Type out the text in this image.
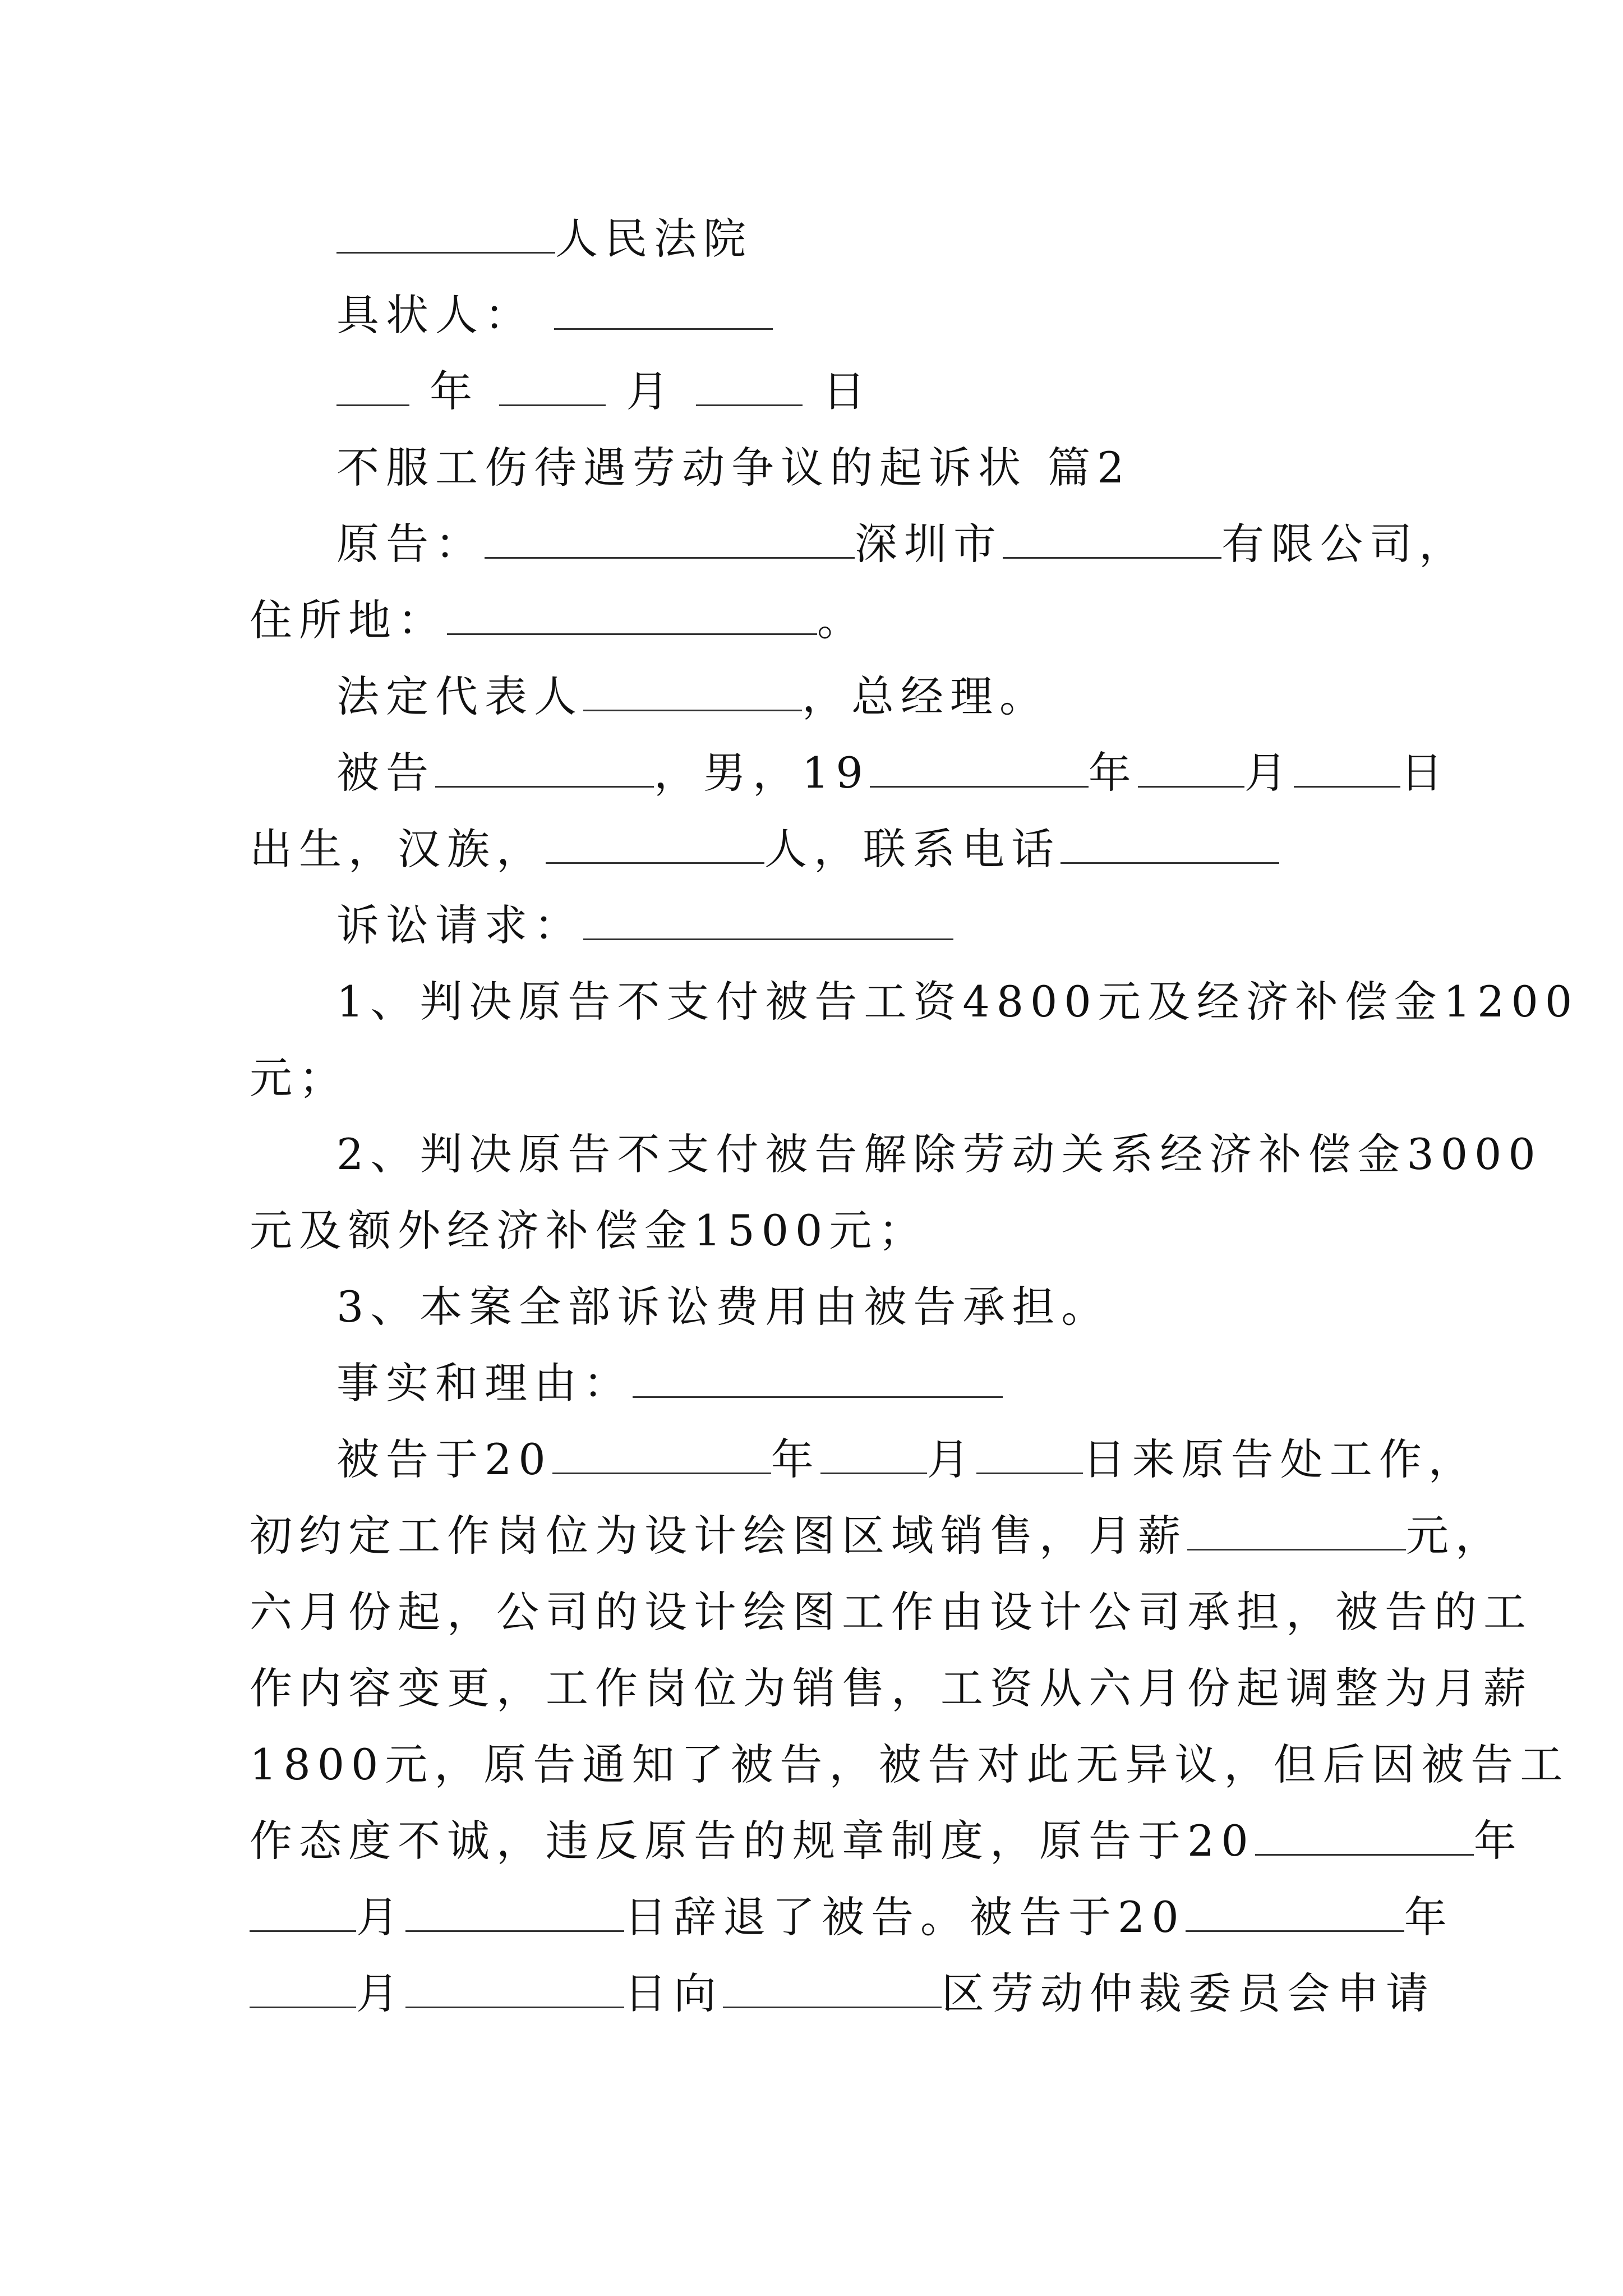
人民法院
具状人：
年	月	日
不服工伤待遇劳动争议的起诉状 篇2
原告：	深圳市	有限公司，
住所地：	。
法定代表人	，总经理。
被告	，男，19	年	月	日
出生，汉族，	人，联系电话
诉讼请求：
1、判决原告不支付被告工资4800元及经济补偿金1200
元；
2、判决原告不支付被告解除劳动关系经济补偿金3000
元及额外经济补偿金1500元；
3、本案全部诉讼费用由被告承担。
事实和理由：
被告于20	年	月	日来原告处工作，
初约定工作岗位为设计绘图区域销售，月薪	元，
六月份起，公司的设计绘图工作由设计公司承担，被告的工
作内容变更，工作岗位为销售，工资从六月份起调整为月薪
1800元，原告通知了被告，被告对此无异议，但后因被告工
作态度不诚，违反原告的规章制度，原告于20	年
月	日辞退了被告。被告于20	年
月	日向	区劳动仲裁委员会申请
